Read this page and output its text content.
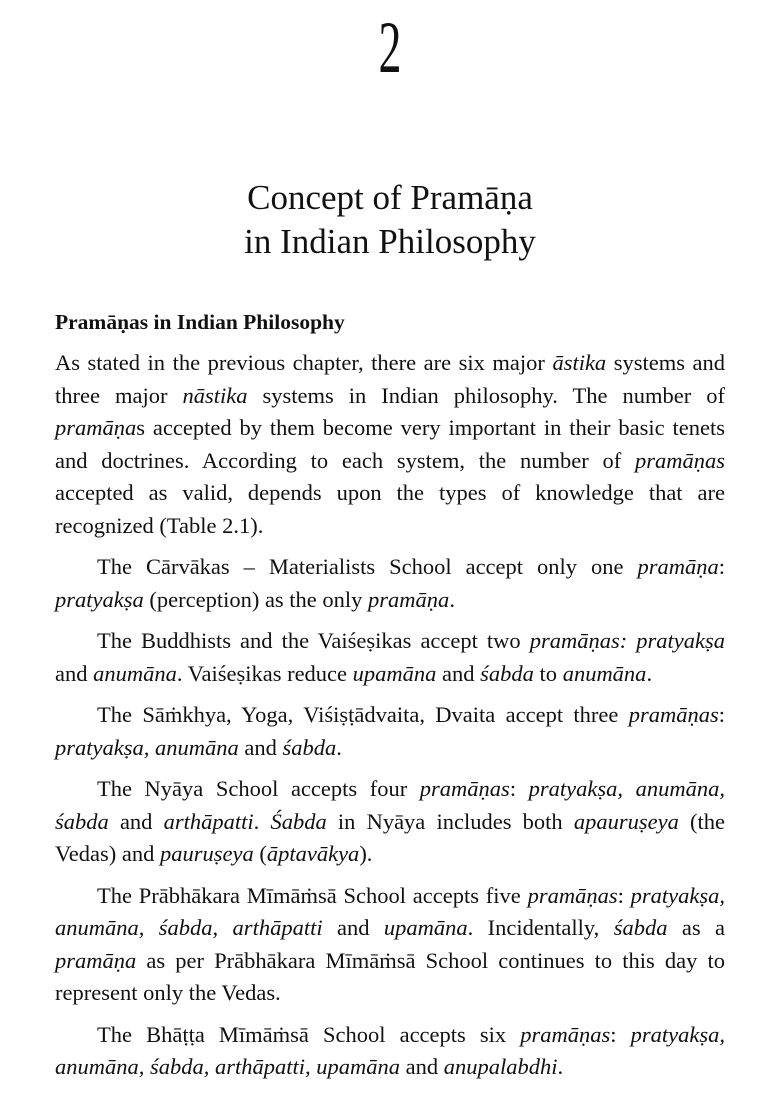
2
Concept of Pramāṇa
in Indian Philosophy
Pramāṇas in Indian Philosophy

As stated in the previous chapter, there are six major āstika systems and three major nāstika systems in Indian philosophy. The number of pramāṇas accepted by them become very important in their basic tenets and doctrines. According to each system, the number of pramāṇas accepted as valid, depends upon the types of knowledge that are recognized (Table 2.1).

The Cārvākas – Materialists School accept only one pramāṇa: pratyakṣa (perception) as the only pramāṇa.

The Buddhists and the Vaiśeṣikas accept two pramāṇas: pratyakṣa and anumāna. Vaiśeṣikas reduce upamāna and śabda to anumāna.

The Sāṁkhya, Yoga, Viśiṣṭādvaita, Dvaita accept three pramāṇas: pratyakṣa, anumāna and śabda.

The Nyāya School accepts four pramāṇas: pratyakṣa, anumāna, śabda and arthāpatti. Śabda in Nyāya includes both apauruṣeya (the Vedas) and pauruṣeya (āptavākya).

The Prābhākara Mīmāṁsā School accepts five pramāṇas: pratyakṣa, anumāna, śabda, arthāpatti and upamāna. Incidentally, śabda as a pramāṇa as per Prābhākara Mīmāṁsā School continues to this day to represent only the Vedas.

The Bhāṭṭa Mīmāṁsā School accepts six pramāṇas: pratyakṣa, anumāna, śabda, arthāpatti, upamāna and anupalabdhi.
